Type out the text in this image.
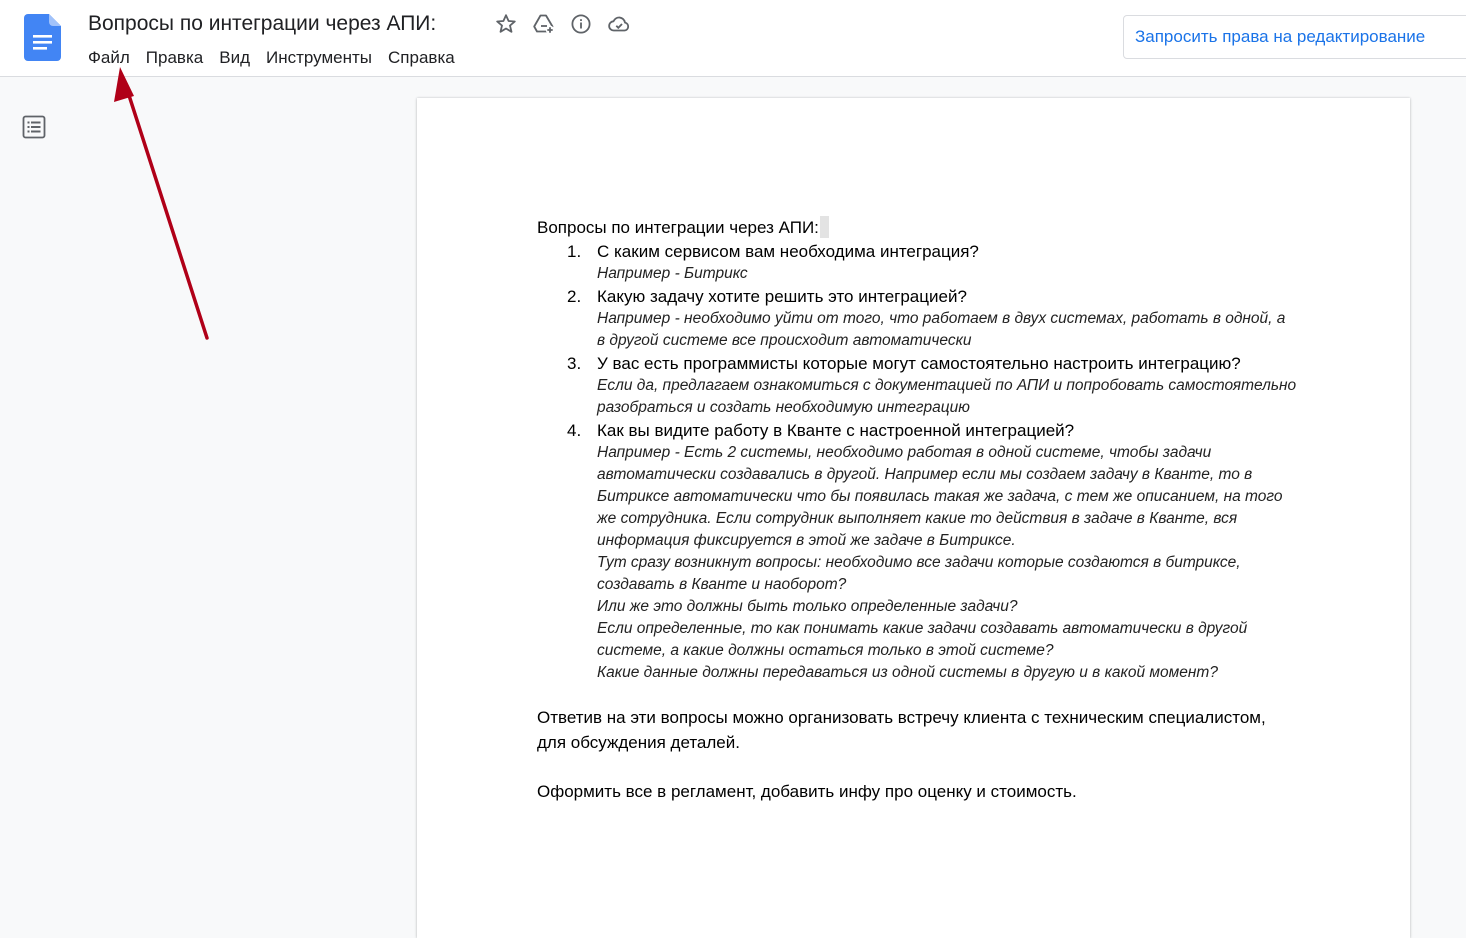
Вопросы по интеграции через АПИ:
Файл Правка Вид Инструменты Справка
Запросить права на редактирование

Вопросы по интеграции через АПИ:

1. С каким сервисом вам необходима интеграция?
Например - Битрикс
2. Какую задачу хотите решить это интеграцией?
Например - необходимо уйти от того, что работаем в двух системах, работать в одной, а в другой системе все происходит автоматически
3. У вас есть программисты которые могут самостоятельно настроить интеграцию?
Если да, предлагаем ознакомиться с документацией по АПИ и попробовать самостоятельно разобраться и создать необходимую интеграцию
4. Как вы видите работу в Кванте с настроенной интеграцией?
Например - Есть 2 системы, необходимо работая в одной системе, чтобы задачи автоматически создавались в другой. Например если мы создаем задачу в Кванте, то в Битриксе автоматически что бы появилась такая же задача, с тем же описанием, на того же сотрудника. Если сотрудник выполняет какие то действия в задаче в Кванте, вся информация фиксируется в этой же задаче в Битриксе.
Тут сразу возникнут вопросы: необходимо все задачи которые создаются в битриксе, создавать в Кванте и наоборот?
Или же это должны быть только определенные задачи?
Если определенные, то как понимать какие задачи создавать автоматически в другой системе, а какие должны остаться только в этой системе?
Какие данные должны передаваться из одной системы в другую и в какой момент?

Ответив на эти вопросы можно организовать встречу клиента с техническим специалистом, для обсуждения деталей.

Оформить все в регламент, добавить инфу про оценку и стоимость.
